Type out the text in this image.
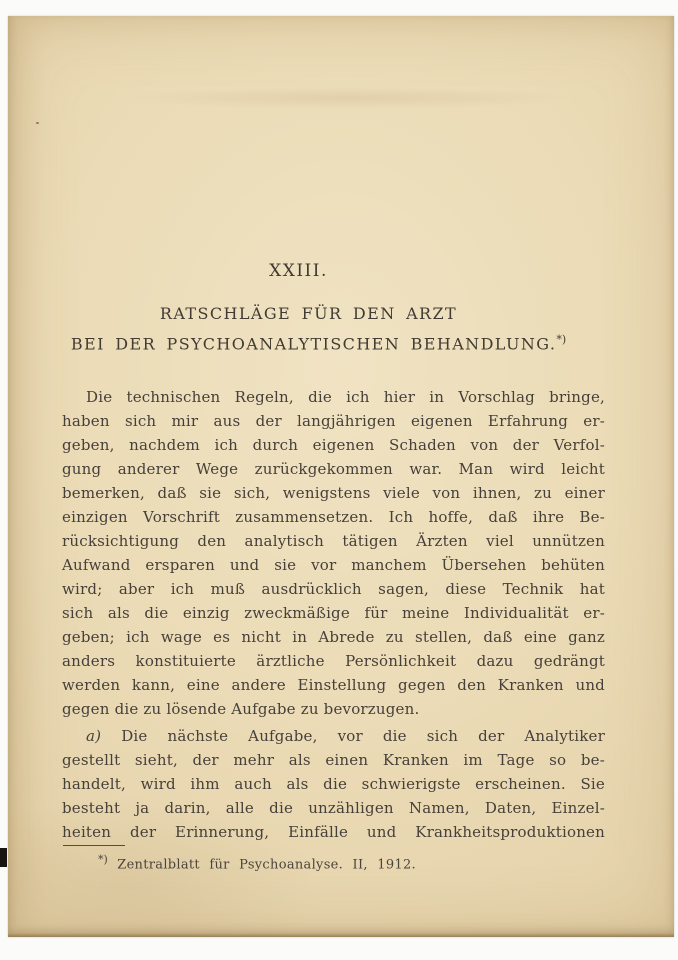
XXIII.
RATSCHLÄGE FÜR DEN ARZT
BEI DER PSYCHOANALYTISCHEN BEHANDLUNG.*)
Die technischen Regeln, die ich hier in Vorschlag bringe,
haben sich mir aus der langjährigen eigenen Erfahrung er-
geben, nachdem ich durch eigenen Schaden von der Verfol-
gung anderer Wege zurückgekommen war. Man wird leicht
bemerken, daß sie sich, wenigstens viele von ihnen, zu einer
einzigen Vorschrift zusammensetzen. Ich hoffe, daß ihre Be-
rücksichtigung den analytisch tätigen Ärzten viel unnützen
Aufwand ersparen und sie vor manchem Übersehen behüten
wird; aber ich muß ausdrücklich sagen, diese Technik hat
sich als die einzig zweckmäßige für meine Individualität er-
geben; ich wage es nicht in Abrede zu stellen, daß eine ganz
anders konstituierte ärztliche Persönlichkeit dazu gedrängt
werden kann, eine andere Einstellung gegen den Kranken und
gegen die zu lösende Aufgabe zu bevorzugen.
a) Die nächste Aufgabe, vor die sich der Analytiker
gestellt sieht, der mehr als einen Kranken im Tage so be-
handelt, wird ihm auch als die schwierigste erscheinen. Sie
besteht ja darin, alle die unzähligen Namen, Daten, Einzel-
heiten der Erinnerung, Einfälle und Krankheitsproduktionen
*) Zentralblatt für Psychoanalyse. II, 1912.
